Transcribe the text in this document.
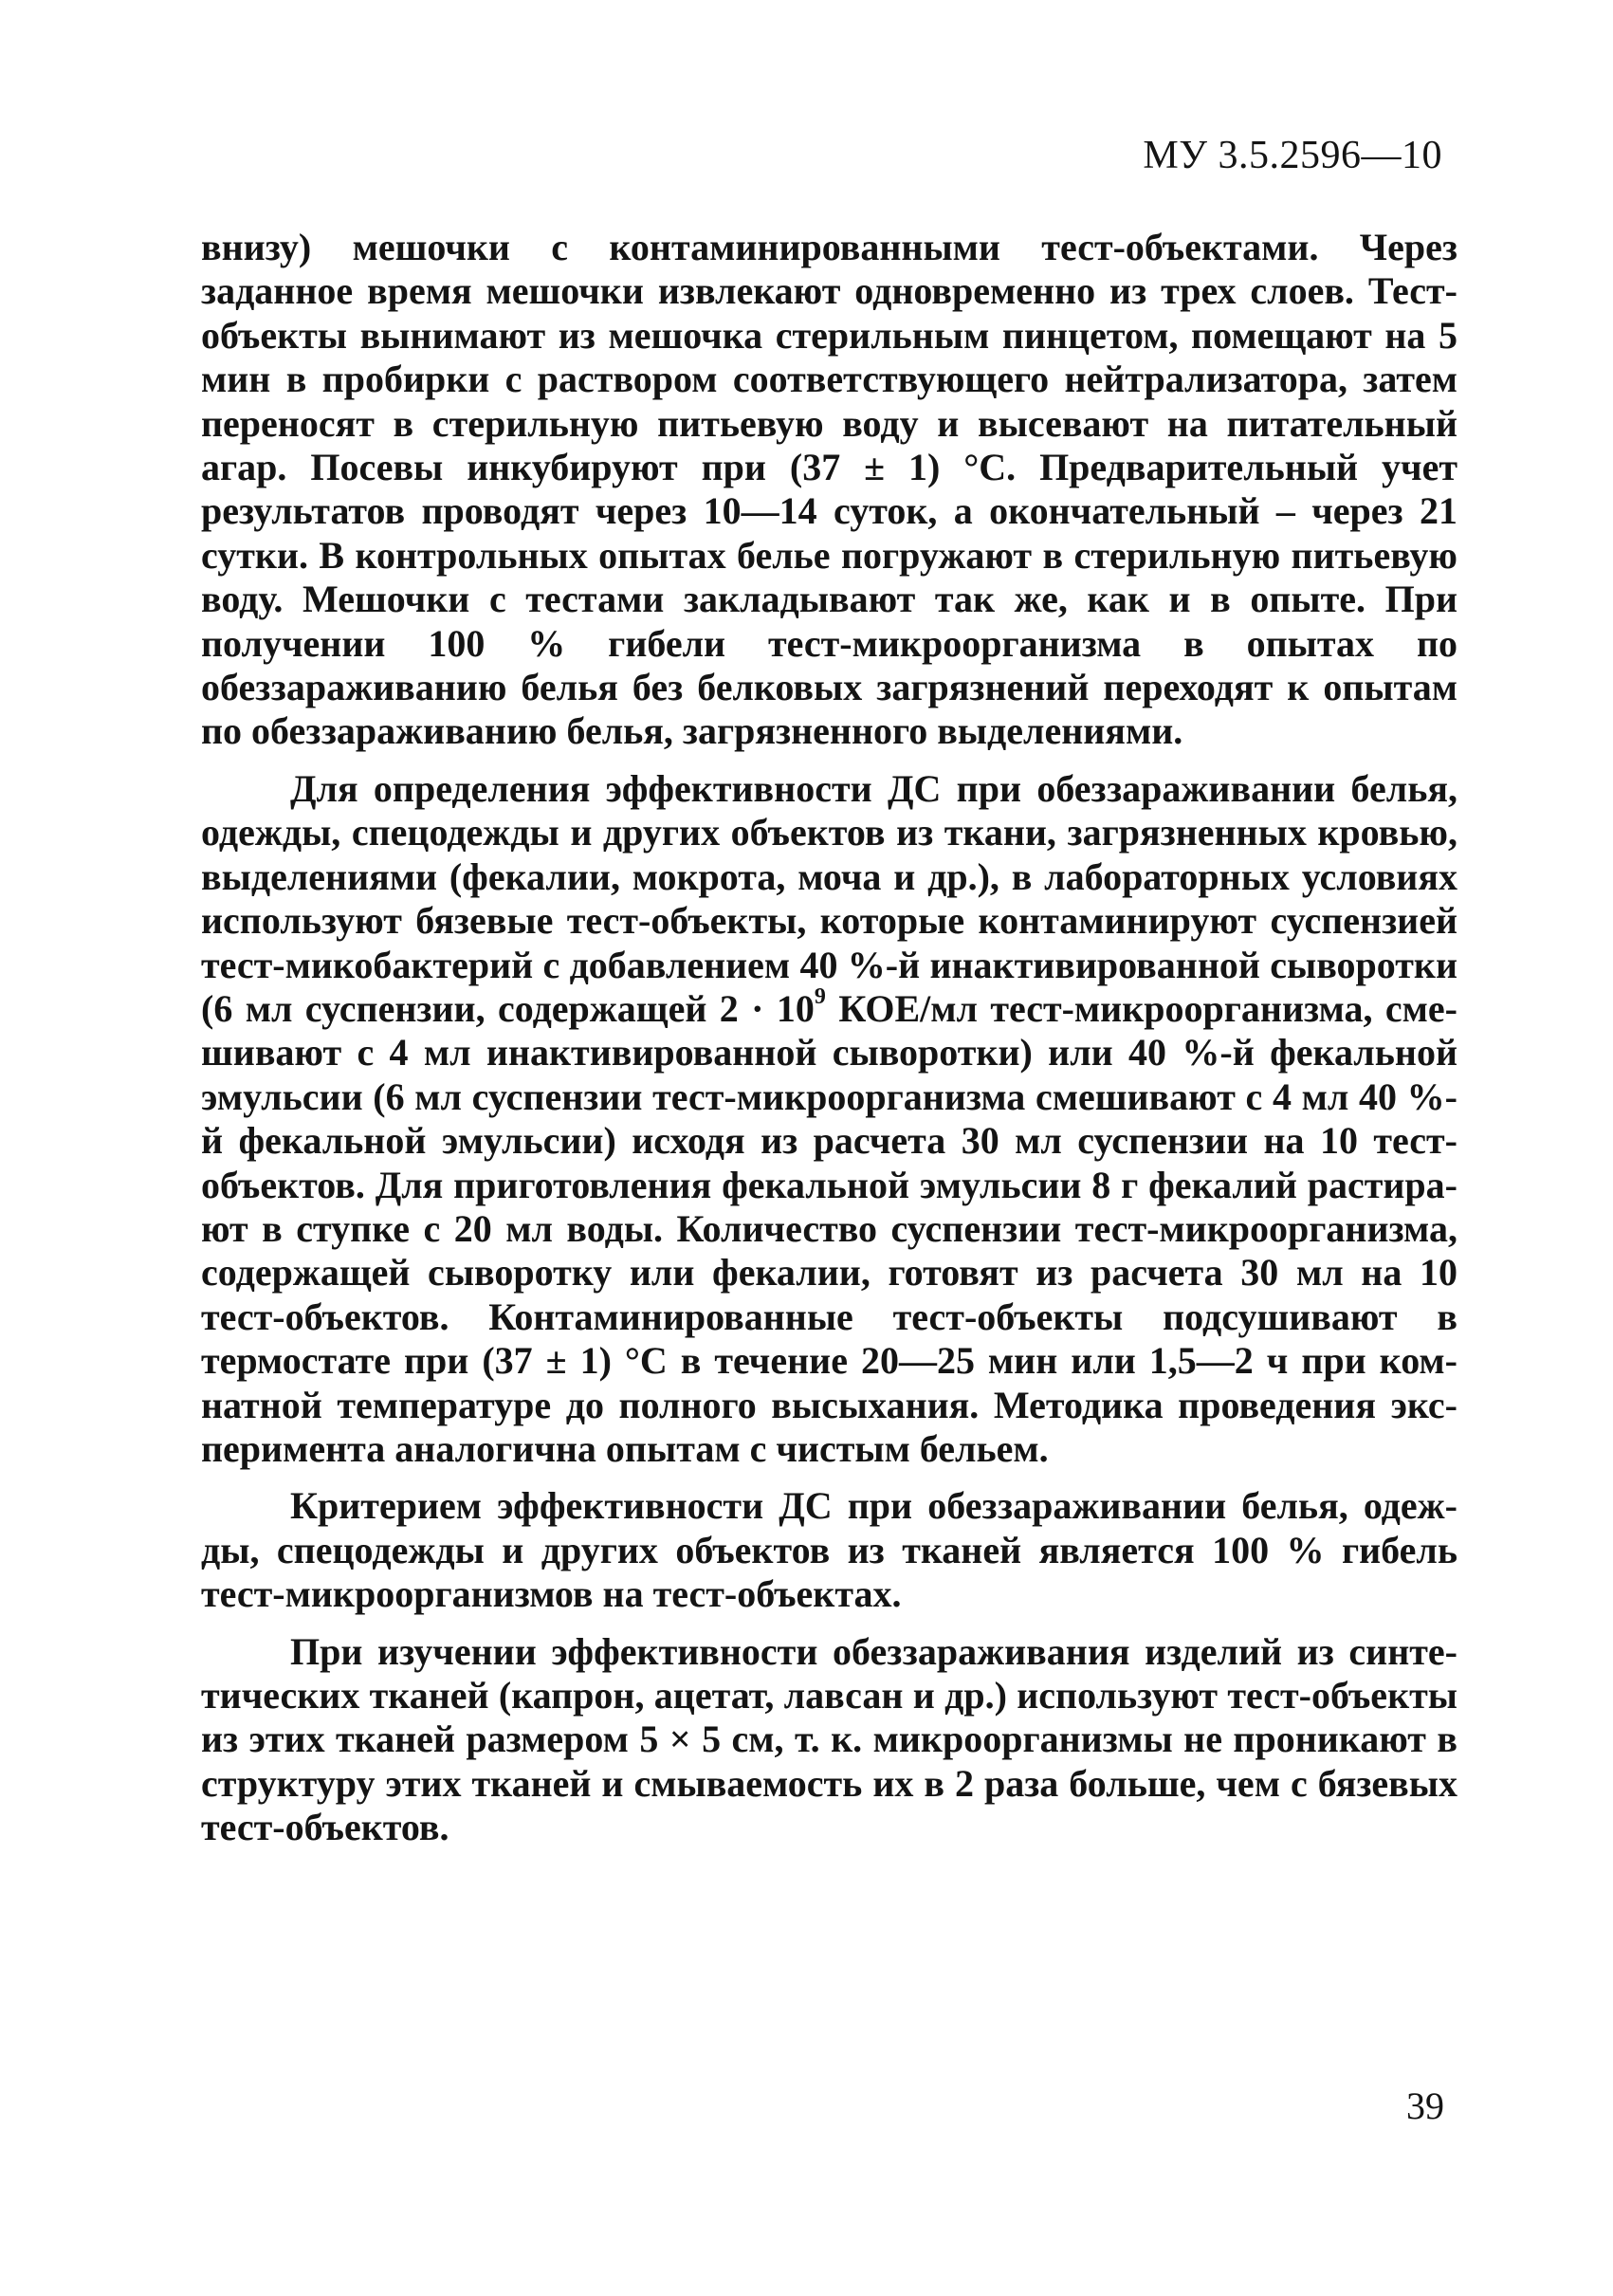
МУ 3.5.2596—10

внизу) мешочки с контаминированными тест-объектами. Через заданное время мешочки извлекают одновременно из трех слоев. Тест-объекты вынимают из мешочка стерильным пинцетом, помещают на 5 мин в пробирки с раствором соответствующего нейтрализатора, затем переносят в стерильную питьевую воду и высевают на питательный агар. Посевы инкубируют при (37 ± 1) °С. Предварительный учет результатов проводят через 10—14 суток, а окончательный – через 21 сутки. В контрольных опытах белье погружают в стерильную питьевую воду. Мешочки с тестами закладывают так же, как и в опыте. При получении 100 % гибели тест-микроорганизма в опытах по обеззараживанию белья без белковых загрязнений переходят к опытам по обеззараживанию белья, загрязненного выделениями.

Для определения эффективности ДС при обеззараживании белья, одежды, спецодежды и других объектов из ткани, загрязненных кровью, выделениями (фекалии, мокрота, моча и др.), в лабораторных условиях используют бязевые тест-объекты, которые контаминируют суспензией тест-микобактерий с добавлением 40 %-й инактивированной сыворотки (6 мл суспензии, содержащей $2 \cdot 10^9$ КОЕ/мл тест-микроорганизма, смешивают с 4 мл инактивированной сыворотки) или 40 %-й фекальной эмульсии (6 мл суспензии тест-микроорганизма смешивают с 4 мл 40 %-й фекальной эмульсии) исходя из расчета 30 мл суспензии на 10 тест-объектов. Для приготовления фекальной эмульсии 8 г фекалий растирают в ступке с 20 мл воды. Количество суспензии тест-микроорганизма, содержащей сыворотку или фекалии, готовят из расчета 30 мл на 10 тест-объектов. Контаминированные тест-объекты подсушивают в термостате при (37 ± 1) °С в течение 20—25 мин или 1,5—2 ч при комнатной температуре до полного высыхания. Методика проведения эксперимента аналогична опытам с чистым бельем.

Критерием эффективности ДС при обеззараживании белья, одежды, спецодежды и других объектов из тканей является 100 % гибель тест-микроорганизмов на тест-объектах.

При изучении эффективности обеззараживания изделий из синтетических тканей (капрон, ацетат, лавсан и др.) используют тест-объекты из этих тканей размером 5 × 5 см, т. к. микроорганизмы не проникают в структуру этих тканей и смываемость их в 2 раза больше, чем с бязевых тест-объектов.

39
